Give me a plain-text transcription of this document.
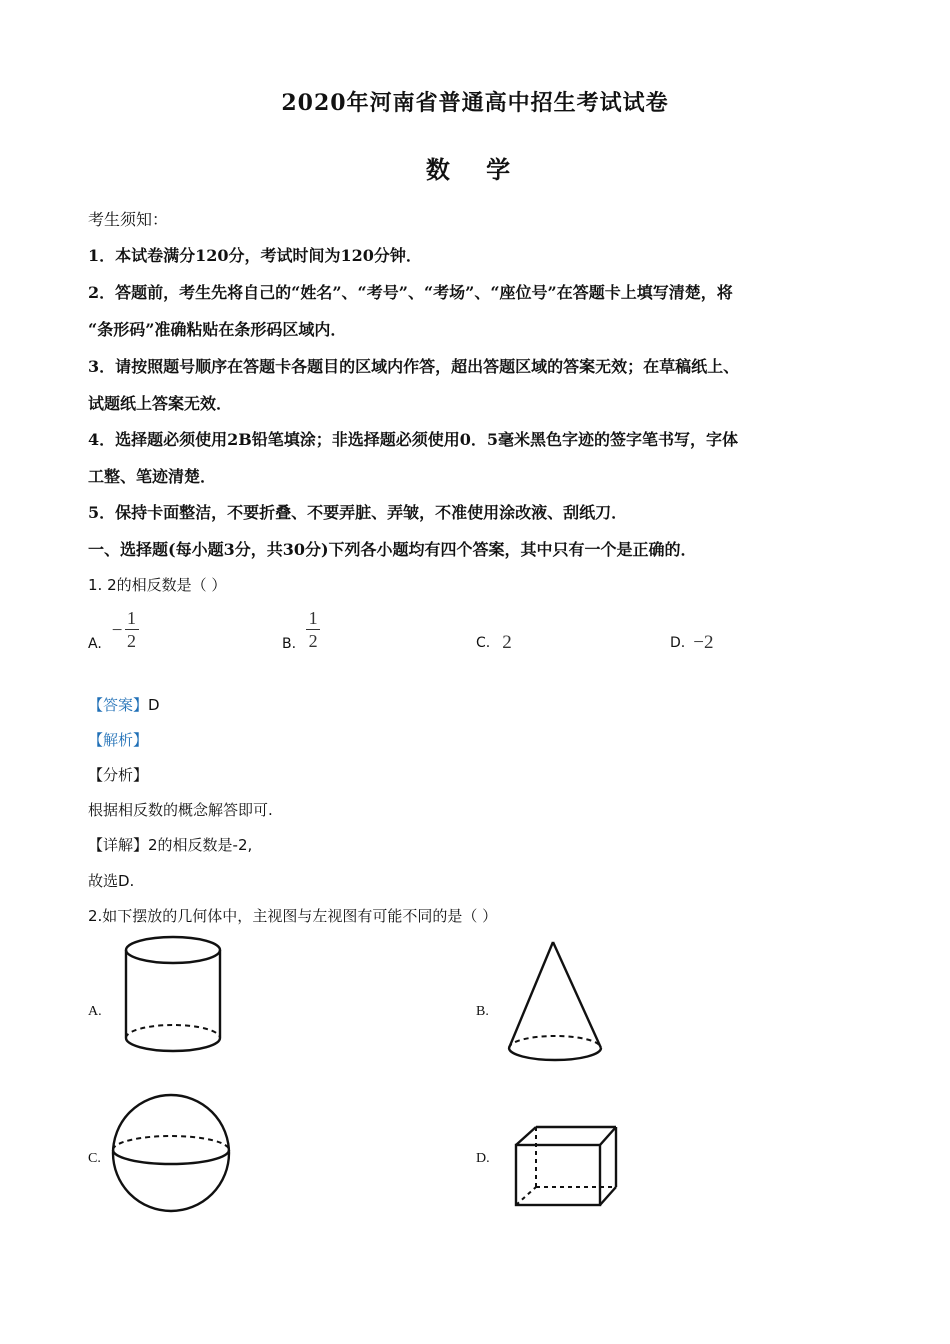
2020年河南省普通高中招生考试试卷
数 学
考生须知：
1．本试卷满分120分，考试时间为120分钟．
2．答题前，考生先将自己的“姓名”、“考号”、“考场”、“座位号”在答题卡上填写清楚，将
“条形码”准确粘贴在条形码区域内．
3．请按照题号顺序在答题卡各题目的区域内作答，超出答题区域的答案无效；在草稿纸上、
试题纸上答案无效．
4．选择题必须使用2B铅笔填涂；非选择题必须使用0．5毫米黑色字迹的签字笔书写，字体
工整、笔迹清楚．
5．保持卡面整洁，不要折叠、不要弄脏、弄皱，不准使用涂改液、刮纸刀．
一、选择题(每小题3分，共30分)下列各小题均有四个答案，其中只有一个是正确的．
1. 2的相反数是（ ）
A.
− $\frac{1}{2}$	B. $\frac{1}{2}$	C. 2	D. −2
【答案】D
【解析】
【分析】
根据相反数的概念解答即可.
【详解】2的相反数是-2,
故选D.
2.如下摆放的几何体中，主视图与左视图有可能不同的是（ ）
A.	B.
C.	D.
